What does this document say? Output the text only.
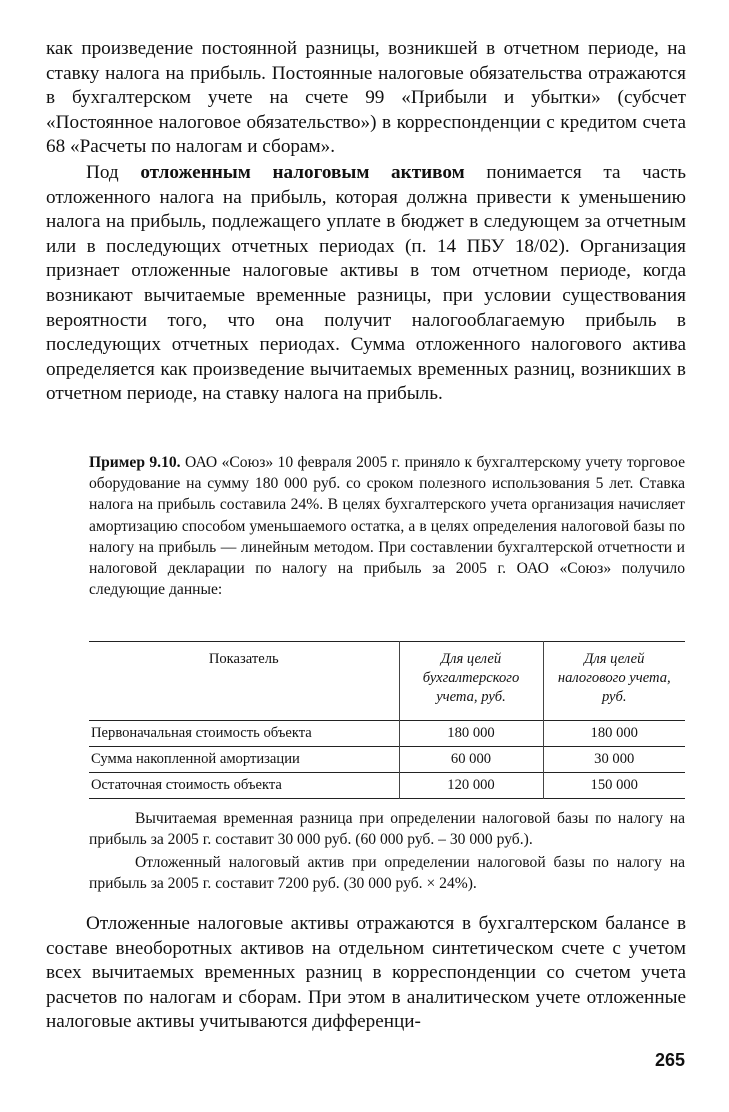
как произведение постоянной разницы, возникшей в отчетном периоде, на ставку налога на прибыль. Постоянные налоговые обязательства отражаются в бухгалтерском учете на счете 99 «Прибыли и убытки» (субсчет «Постоянное налоговое обязательство») в корреспонденции с кредитом счета 68 «Расчеты по налогам и сборам».

Под отложенным налоговым активом понимается та часть отложенного налога на прибыль, которая должна привести к уменьшению налога на прибыль, подлежащего уплате в бюджет в следующем за отчетным или в последующих отчетных периодах (п. 14 ПБУ 18/02). Организация признает отложенные налоговые активы в том отчетном периоде, когда возникают вычитаемые временные разницы, при условии существования вероятности того, что она получит налогооблагаемую прибыль в последующих отчетных периодах. Сумма отложенного налогового актива определяется как произведение вычитаемых временных разниц, возникших в отчетном периоде, на ставку налога на прибыль.

Пример 9.10. ОАО «Союз» 10 февраля 2005 г. приняло к бухгалтерскому учету торговое оборудование на сумму 180 000 руб. со сроком полезного использования 5 лет. Ставка налога на прибыль составила 24%. В целях бухгалтерского учета организация начисляет амортизацию способом уменьшаемого остатка, а в целях определения налоговой базы по налогу на прибыль — линейным методом. При составлении бухгалтерской отчетности и налоговой декларации по налогу на прибыль за 2005 г. ОАО «Союз» получило следующие данные:

Показатель	Для целей бухгалтерского учета, руб.	Для целей налогового учета, руб.
Первоначальная стоимость объекта	180 000	180 000
Сумма накопленной амортизации	60 000	30 000
Остаточная стоимость объекта	120 000	150 000

Вычитаемая временная разница при определении налоговой базы по налогу на прибыль за 2005 г. составит 30 000 руб. (60 000 руб. – 30 000 руб.).

Отложенный налоговый актив при определении налоговой базы по налогу на прибыль за 2005 г. составит 7200 руб. (30 000 руб. × 24%).

Отложенные налоговые активы отражаются в бухгалтерском балансе в составе внеоборотных активов на отдельном синтетическом счете с учетом всех вычитаемых временных разниц в корреспонденции со счетом учета расчетов по налогам и сборам. При этом в аналитическом учете отложенные налоговые активы учитываются дифференци-

265
